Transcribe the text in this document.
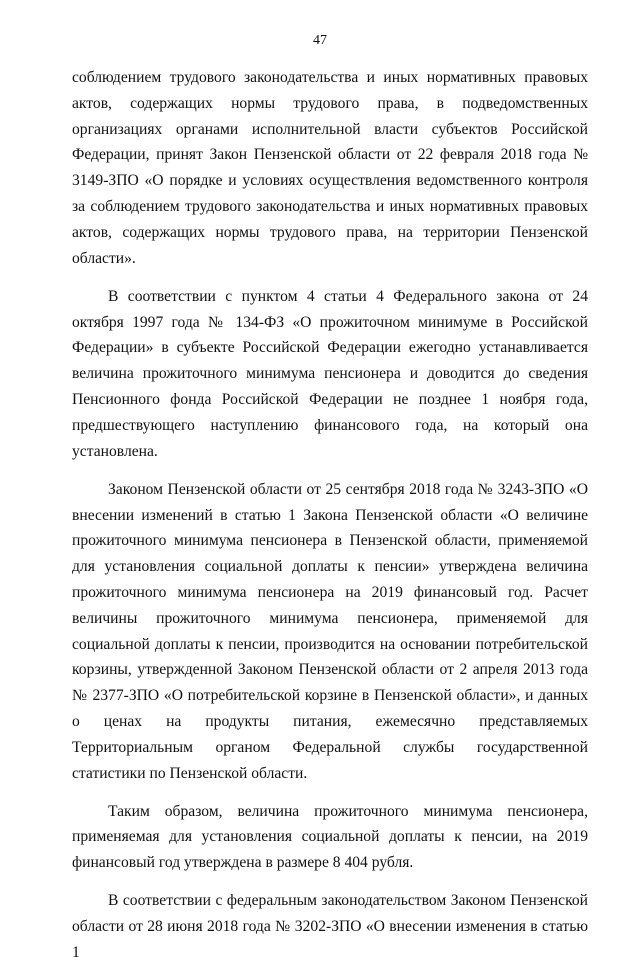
47

соблюдением трудового законодательства и иных нормативных правовых актов, содержащих нормы трудового права, в подведомственных организациях органами исполнительной власти субъектов Российской Федерации, принят Закон Пензенской области от 22 февраля 2018 года № 3149-ЗПО «О порядке и условиях осуществления ведомственного контроля за соблюдением трудового законодательства и иных нормативных правовых актов, содержащих нормы трудового права, на территории Пензенской области».

В соответствии с пунктом 4 статьи 4 Федерального закона от 24 октября 1997 года № 134-ФЗ «О прожиточном минимуме в Российской Федерации» в субъекте Российской Федерации ежегодно устанавливается величина прожиточного минимума пенсионера и доводится до сведения Пенсионного фонда Российской Федерации не позднее 1 ноября года, предшествующего наступлению финансового года, на который она установлена.

Законом Пензенской области от 25 сентября 2018 года № 3243-ЗПО «О внесении изменений в статью 1 Закона Пензенской области «О величине прожиточного минимума пенсионера в Пензенской области, применяемой для установления социальной доплаты к пенсии» утверждена величина прожиточного минимума пенсионера на 2019 финансовый год. Расчет величины прожиточного минимума пенсионера, применяемой для социальной доплаты к пенсии, производится на основании потребительской корзины, утвержденной Законом Пензенской области от 2 апреля 2013 года № 2377-ЗПО «О потребительской корзине в Пензенской области», и данных о ценах на продукты питания, ежемесячно представляемых Территориальным органом Федеральной службы государственной статистики по Пензенской области.

Таким образом, величина прожиточного минимума пенсионера, применяемая для установления социальной доплаты к пенсии, на 2019 финансовый год утверждена в размере 8 404 рубля.

В соответствии с федеральным законодательством Законом Пензенской области от 28 июня 2018 года № 3202-ЗПО «О внесении изменения в статью 1
